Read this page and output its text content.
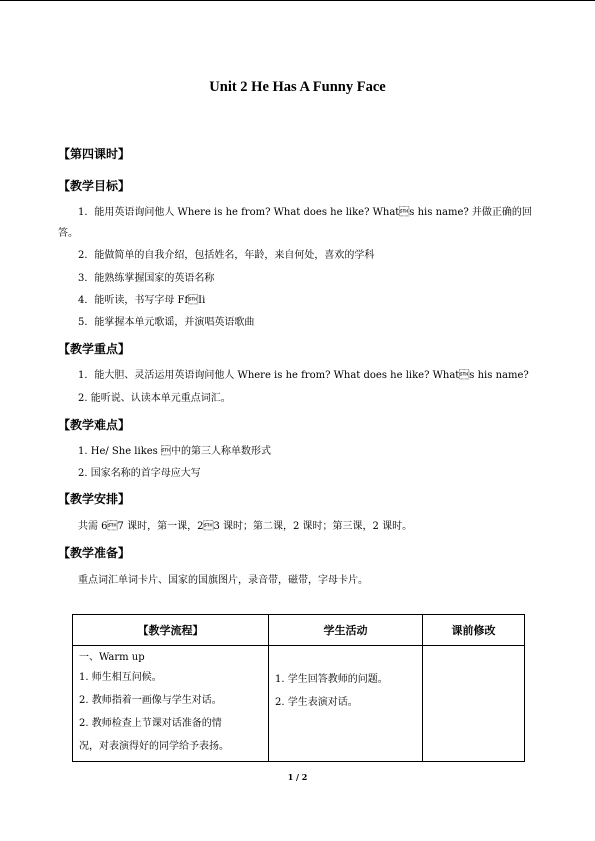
Unit 2 He Has A Funny Face
【第四课时】
【教学目标】
1．能用英语询问他人 Where is he from? What does he like? Whats his name? 并做正确的回
答。
2．能做简单的自我介绍，包括姓名，年龄，来自何处，喜欢的学科
3．能熟练掌握国家的英语名称
4．能听读，书写字母 FfIi
5．能掌握本单元歌谣，并演唱英语歌曲
【教学重点】
1．能大胆、灵活运用英语询问他人 Where is he from? What does he like? Whats his name?
2. 能听说、认读本单元重点词汇。
【教学难点】
1. He/ She likes 中的第三人称单数形式
2. 国家名称的首字母应大写
【教学安排】
共需 67 课时，第一课，23 课时；第二课，2 课时；第三课，2 课时。
【教学准备】
重点词汇单词卡片、国家的国旗图片，录音带，磁带，字母卡片。
【教学流程】	学生活动	课前修改

一、Warm up
1. 师生相互问候。
2. 教师指着一画像与学生对话。
2. 教师检查上节课对话准备的情
况，对表演得好的同学给予表扬。	1. 学生回答教师的问题。
2. 学生表演对话。	

1 / 2
